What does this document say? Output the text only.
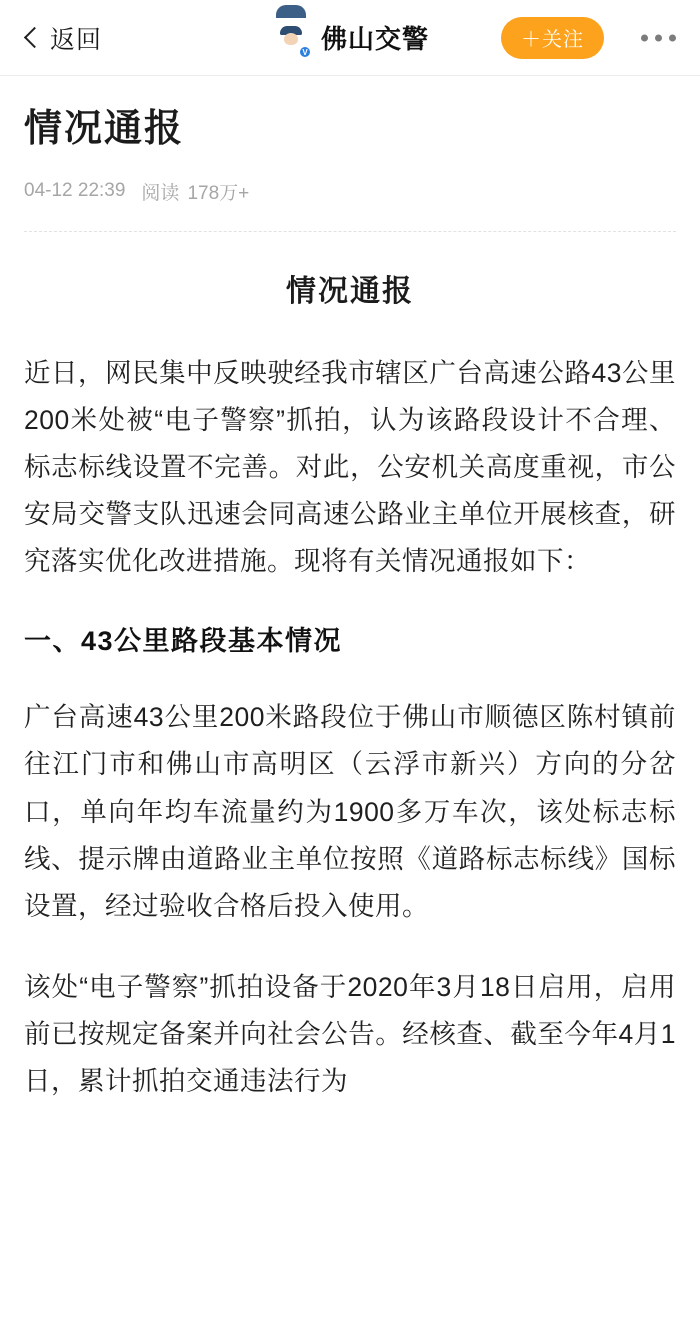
返回	V 佛山交警	＋关注
情况通报
04-12 22:39 阅读 178万+
情况通报

近日，网民集中反映驶经我市辖区广台高速公路43公里200米处被“电子警察”抓拍，认为该路段设计不合理、标志标线设置不完善。对此，公安机关高度重视，市公安局交警支队迅速会同高速公路业主单位开展核查，研究落实优化改进措施。现将有关情况通报如下：

一、43公里路段基本情况

广台高速43公里200米路段位于佛山市顺德区陈村镇前往江门市和佛山市高明区（云浮市新兴）方向的分岔口，单向年均车流量约为1900多万车次，该处标志标线、提示牌由道路业主单位按照《道路标志标线》国标设置，经过验收合格后投入使用。

该处“电子警察”抓拍设备于2020年3月18日启用，启用前已按规定备案并向社会公告。经核查、截至今年4月1日，累计抓拍交通违法行为
